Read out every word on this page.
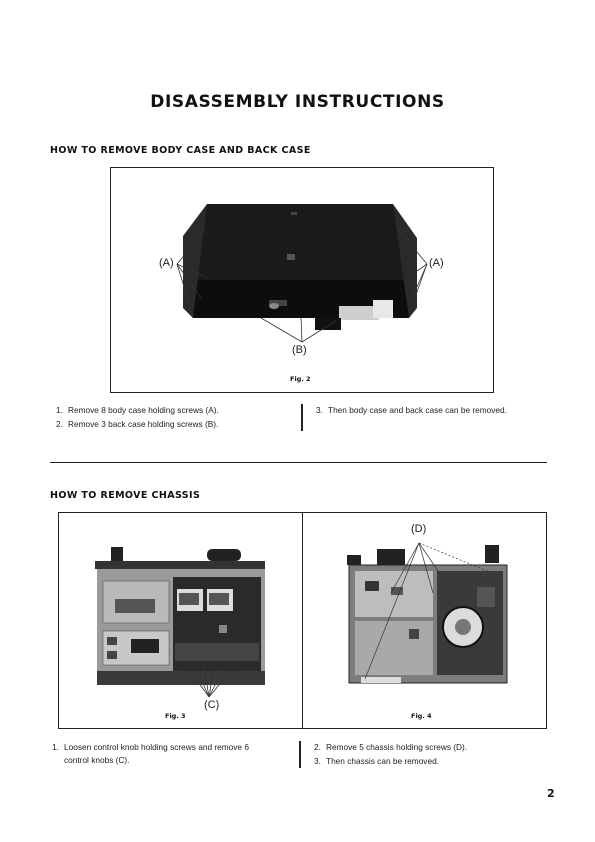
DISASSEMBLY INSTRUCTIONS
HOW TO REMOVE BODY CASE AND BACK CASE
(A)	(A)
(B)
Fig. 2
1. Remove 8 body case holding screws (A).
2. Remove 3 back case holding screws (B).
3. Then body case and back case can be removed.
HOW TO REMOVE CHASSIS
(C)
Fig. 3
(D)
Fig. 4
1. Loosen control knob holding screws and remove 6
control knobs (C).
2. Remove 5 chassis holding screws (D).
3. Then chassis can be removed.
2
